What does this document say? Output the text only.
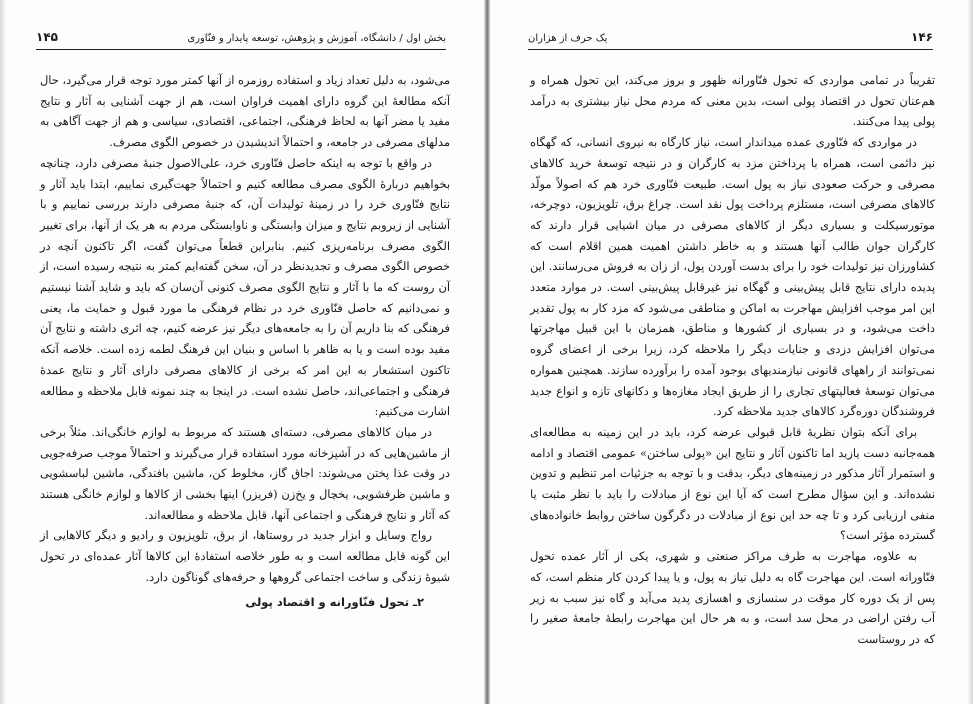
بخش اول / دانشگاه، آموزش و پژوهش، توسعه پایدار و فنّاوری
۱۴۵

می‌شود، به دلیل تعداد زیاد و استفاده روزمره از آنها کمتر مورد توجه قرار می‌گیرد، حال آنکه مطالعهٔ این گروه دارای اهمیت فراوان است، هم از جهت آشنایی به آثار و نتایج مفید یا مضر آنها به لحاظ فرهنگی، اجتماعی، اقتصادی، سیاسی و هم از جهت آگاهی به مدلهای مصرفی در جامعه، و احتمالاً اندیشیدن در خصوص الگوی مصرف.

در واقع با توجه به اینکه حاصل فنّاوری خرد، علی‌الاصول جنبهٔ مصرفی دارد، چنانچه بخواهیم دربارهٔ الگوی مصرف مطالعه کنیم و احتمالاً جهت‌گیری نماییم، ابتدا باید آثار و نتایج فنّاوری خرد را در زمینهٔ تولیدات آن، که جنبهٔ مصرفی دارند بررسی نماییم و با آشنایی از زیروبم نتایج و میزان وابستگی و ناوابستگی مردم به هر یک از آنها، برای تغییر الگوی مصرف برنامه‌ریزی کنیم. بنابراین قطعاً می‌توان گفت، اگر تاکنون آنچه در خصوص الگوی مصرف و تجدیدنظر در آن، سخن گفته‌ایم کمتر به نتیجه رسیده است، از آن روست که ما با آثار و نتایج الگوی مصرف کنونی آن‌سان که باید و شاید آشنا نیستیم و نمی‌دانیم که حاصل فنّاوری خرد در نظام فرهنگی ما مورد قبول و حمایت ما، یعنی فرهنگی که بنا داریم آن را به جامعه‌های دیگر نیز عرضه کنیم، چه اثری داشته و نتایج آن مفید بوده است و یا به ظاهر با اساس و بنیان این فرهنگ لطمه زده است. خلاصه آنکه تاکنون استشعار به این امر که برخی از کالاهای مصرفی دارای آثار و نتایج عمدهٔ فرهنگی و اجتماعی‌اند، حاصل نشده است. در اینجا به چند نمونه قابل ملاحظه و مطالعه اشارت می‌کنیم:

در میان کالاهای مصرفی، دسته‌ای هستند که مربوط به لوازم خانگی‌اند. مثلاً برخی از ماشین‌هایی که در آشپزخانه مورد استفاده قرار می‌گیرند و احتمالاً موجب صرفه‌جویی در وقت غذا پختن می‌شوند: اجاق گاز، مخلوط کن، ماشین بافندگی، ماشین لباسشویی و ماشین ظرفشویی، یخچال و یخ‌زن (فریزر) اینها بخشی از کالاها و لوازم خانگی هستند که آثار و نتایج فرهنگی و اجتماعی آنها، قابل ملاحظه و مطالعه‌اند.

رواج وسایل و ابزار جدید در روستاها، از برق، تلویزیون و رادیو و دیگر کالاهایی از این گونه قابل مطالعه است و به طور خلاصه استفادهٔ این کالاها آثار عمده‌ای در تحول شیوهٔ زندگی و ساخت اجتماعی گروهها و حرفه‌های گوناگون دارد.

۲ـ تحول فنّاورانه و اقتصاد پولی
۱۴۶
یک حرف از هزاران

تقریباً در تمامی مواردی که تحول فنّاورانه ظهور و بروز می‌کند، این تحول همراه و هم‌عنان تحول در اقتصاد پولی است، بدین معنی که مردم محل نیاز بیشتری به درآمد پولی پیدا می‌کنند.

در مواردی که فنّاوری عمده میداندار است، نیاز کارگاه به نیروی انسانی، که گهگاه نیز دائمی است، همراه با پرداختن مزد به کارگران و در نتیجه توسعهٔ خرید کالاهای مصرفی و حرکت صعودی نیاز به پول است. طبیعت فنّاوری خرد هم که اصولاً مولّد کالاهای مصرفی است، مستلزم پرداخت پول نقد است. چراغ برق، تلویزیون، دوچرخه، موتورسیکلت و بسیاری دیگر از کالاهای مصرفی در میان اشیایی قرار دارند که کارگران جوان طالب آنها هستند و به خاطر داشتن اهمیت همین اقلام است که کشاورزان نیز تولیدات خود را برای بدست آوردن پول، از زان به فروش می‌رسانند. این پدیده دارای نتایج قابل پیش‌بینی و گهگاه نیز غیرقابل پیش‌بینی است. در موارد متعدد این امر موجب افزایش مهاجرت به اماکن و مناطقی می‌شود که مزد کار به پول تقدیر داخت می‌شود، و در بسیاری از کشورها و مناطق، همزمان با این قبیل مهاجرتها می‌توان افزایش دزدی و جنایات دیگر را ملاحظه کرد، زیرا برخی از اعضای گروه نمی‌توانند از راههای قانونی نیازمندیهای بوجود آمده را برآورده سازند. همچنین همواره می‌توان توسعهٔ فعالیتهای تجاری را از طریق ایجاد مغازه‌ها و دکانهای تازه و انواع جدید فروشندگان دوره‌گرد کالاهای جدید ملاحظه کرد.

برای آنکه بتوان نظریهٔ قابل قبولی عرضه کرد، باید در این زمینه به مطالعه‌ای همه‌جانبه دست یازید اما تاکنون آثار و نتایج این «پولی ساختن» عمومی اقتصاد و ادامه و استمرار آثار مذکور در زمینه‌های دیگر، بدقت و با توجه به جزئیات امر تنظیم و تدوین نشده‌اند. و این سؤال مطرح است که آیا این نوع از مبادلات را باید با نظر مثبت یا منفی ارزیابی کرد و تا چه حد این نوع از مبادلات در دگرگون ساختن روابط خانواده‌های گسترده مؤثر است؟

به علاوه، مهاجرت به طرف مراکز صنعتی و شهری، یکی از آثار عمده تحول فنّاورانه است. این مهاجرت گاه به دلیل نیاز به پول، و یا پیدا کردن کار منظم است، که پس از یک دوره کار موقت در سنسازی و اهسازی پدید می‌آید و گاه نیز سبب به زیر آب رفتن اراضی در محل سد است، و به هر حال این مهاجرت رابطهٔ جامعهٔ صغیر را که در روستاست
